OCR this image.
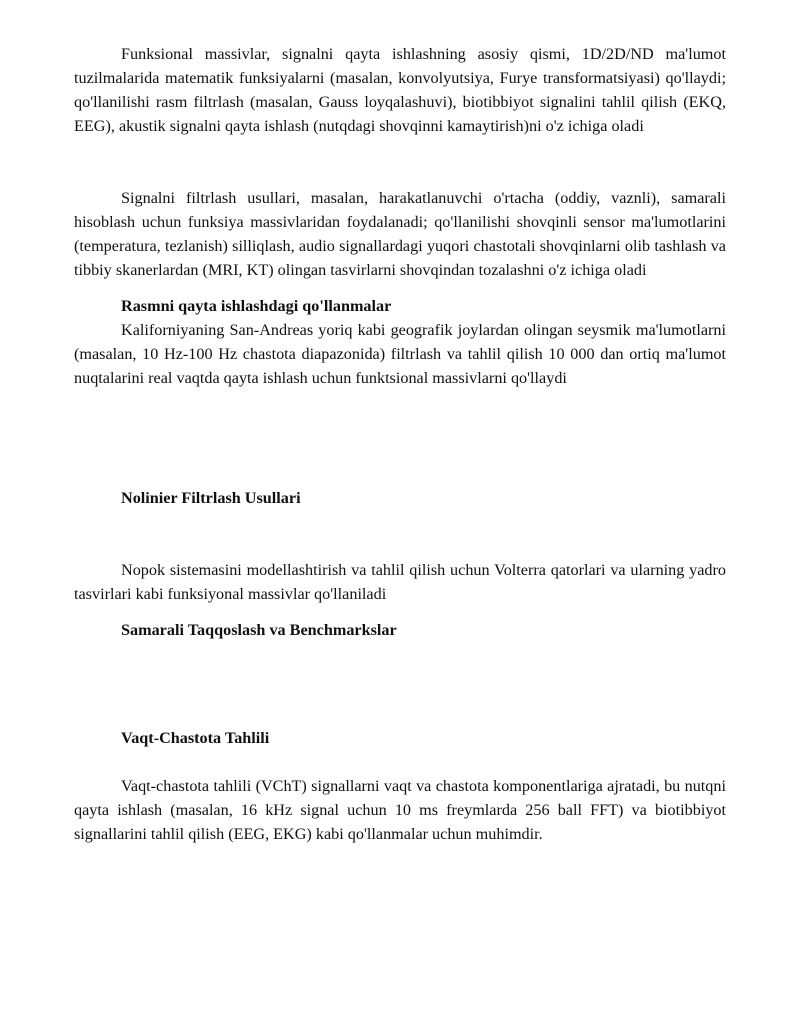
Funksional massivlar, signalni qayta ishlashning asosiy qismi, 1D/2D/ND ma'lumot tuzilmalarida matematik funksiyalarni (masalan, konvolyutsiya, Furye transformatsiyasi) qo'llaydi; qo'llanilishi rasm filtrlash (masalan, Gauss loyqalashuvi), biotibbiyot signalini tahlil qilish (EKQ, EEG), akustik signalni qayta ishlash (nutqdagi shovqinni kamaytirish)ni o'z ichiga oladi

Signalni filtrlash usullari, masalan, harakatlanuvchi o'rtacha (oddiy, vaznli), samarali hisoblash uchun funksiya massivlaridan foydalanadi; qo'llanilishi shovqinli sensor ma'lumotlarini (temperatura, tezlanish) silliqlash, audio signallardagi yuqori chastotali shovqinlarni olib tashlash va tibbiy skanerlardan (MRI, KT) olingan tasvirlarni shovqindan tozalashni o'z ichiga oladi

Rasmni qayta ishlashdagi qo'llanmalar

Kaliforniyaning San-Andreas yoriq kabi geografik joylardan olingan seysmik ma'lumotlarni (masalan, 10 Hz-100 Hz chastota diapazonida) filtrlash va tahlil qilish 10 000 dan ortiq ma'lumot nuqtalarini real vaqtda qayta ishlash uchun funktsional massivlarni qo'llaydi

Nolinier Filtrlash Usullari

Nopok sistemasini modellashtirish va tahlil qilish uchun Volterra qatorlari va ularning yadro tasvirlari kabi funksiyonal massivlar qo'llaniladi

Samarali Taqqoslash va Benchmarkslar

Vaqt-Chastota Tahlili

Vaqt-chastota tahlili (VChT) signallarni vaqt va chastota komponentlariga ajratadi, bu nutqni qayta ishlash (masalan, 16 kHz signal uchun 10 ms freymlarda 256 ball FFT) va biotibbiyot signallarini tahlil qilish (EEG, EKG) kabi qo'llanmalar uchun muhimdir.
